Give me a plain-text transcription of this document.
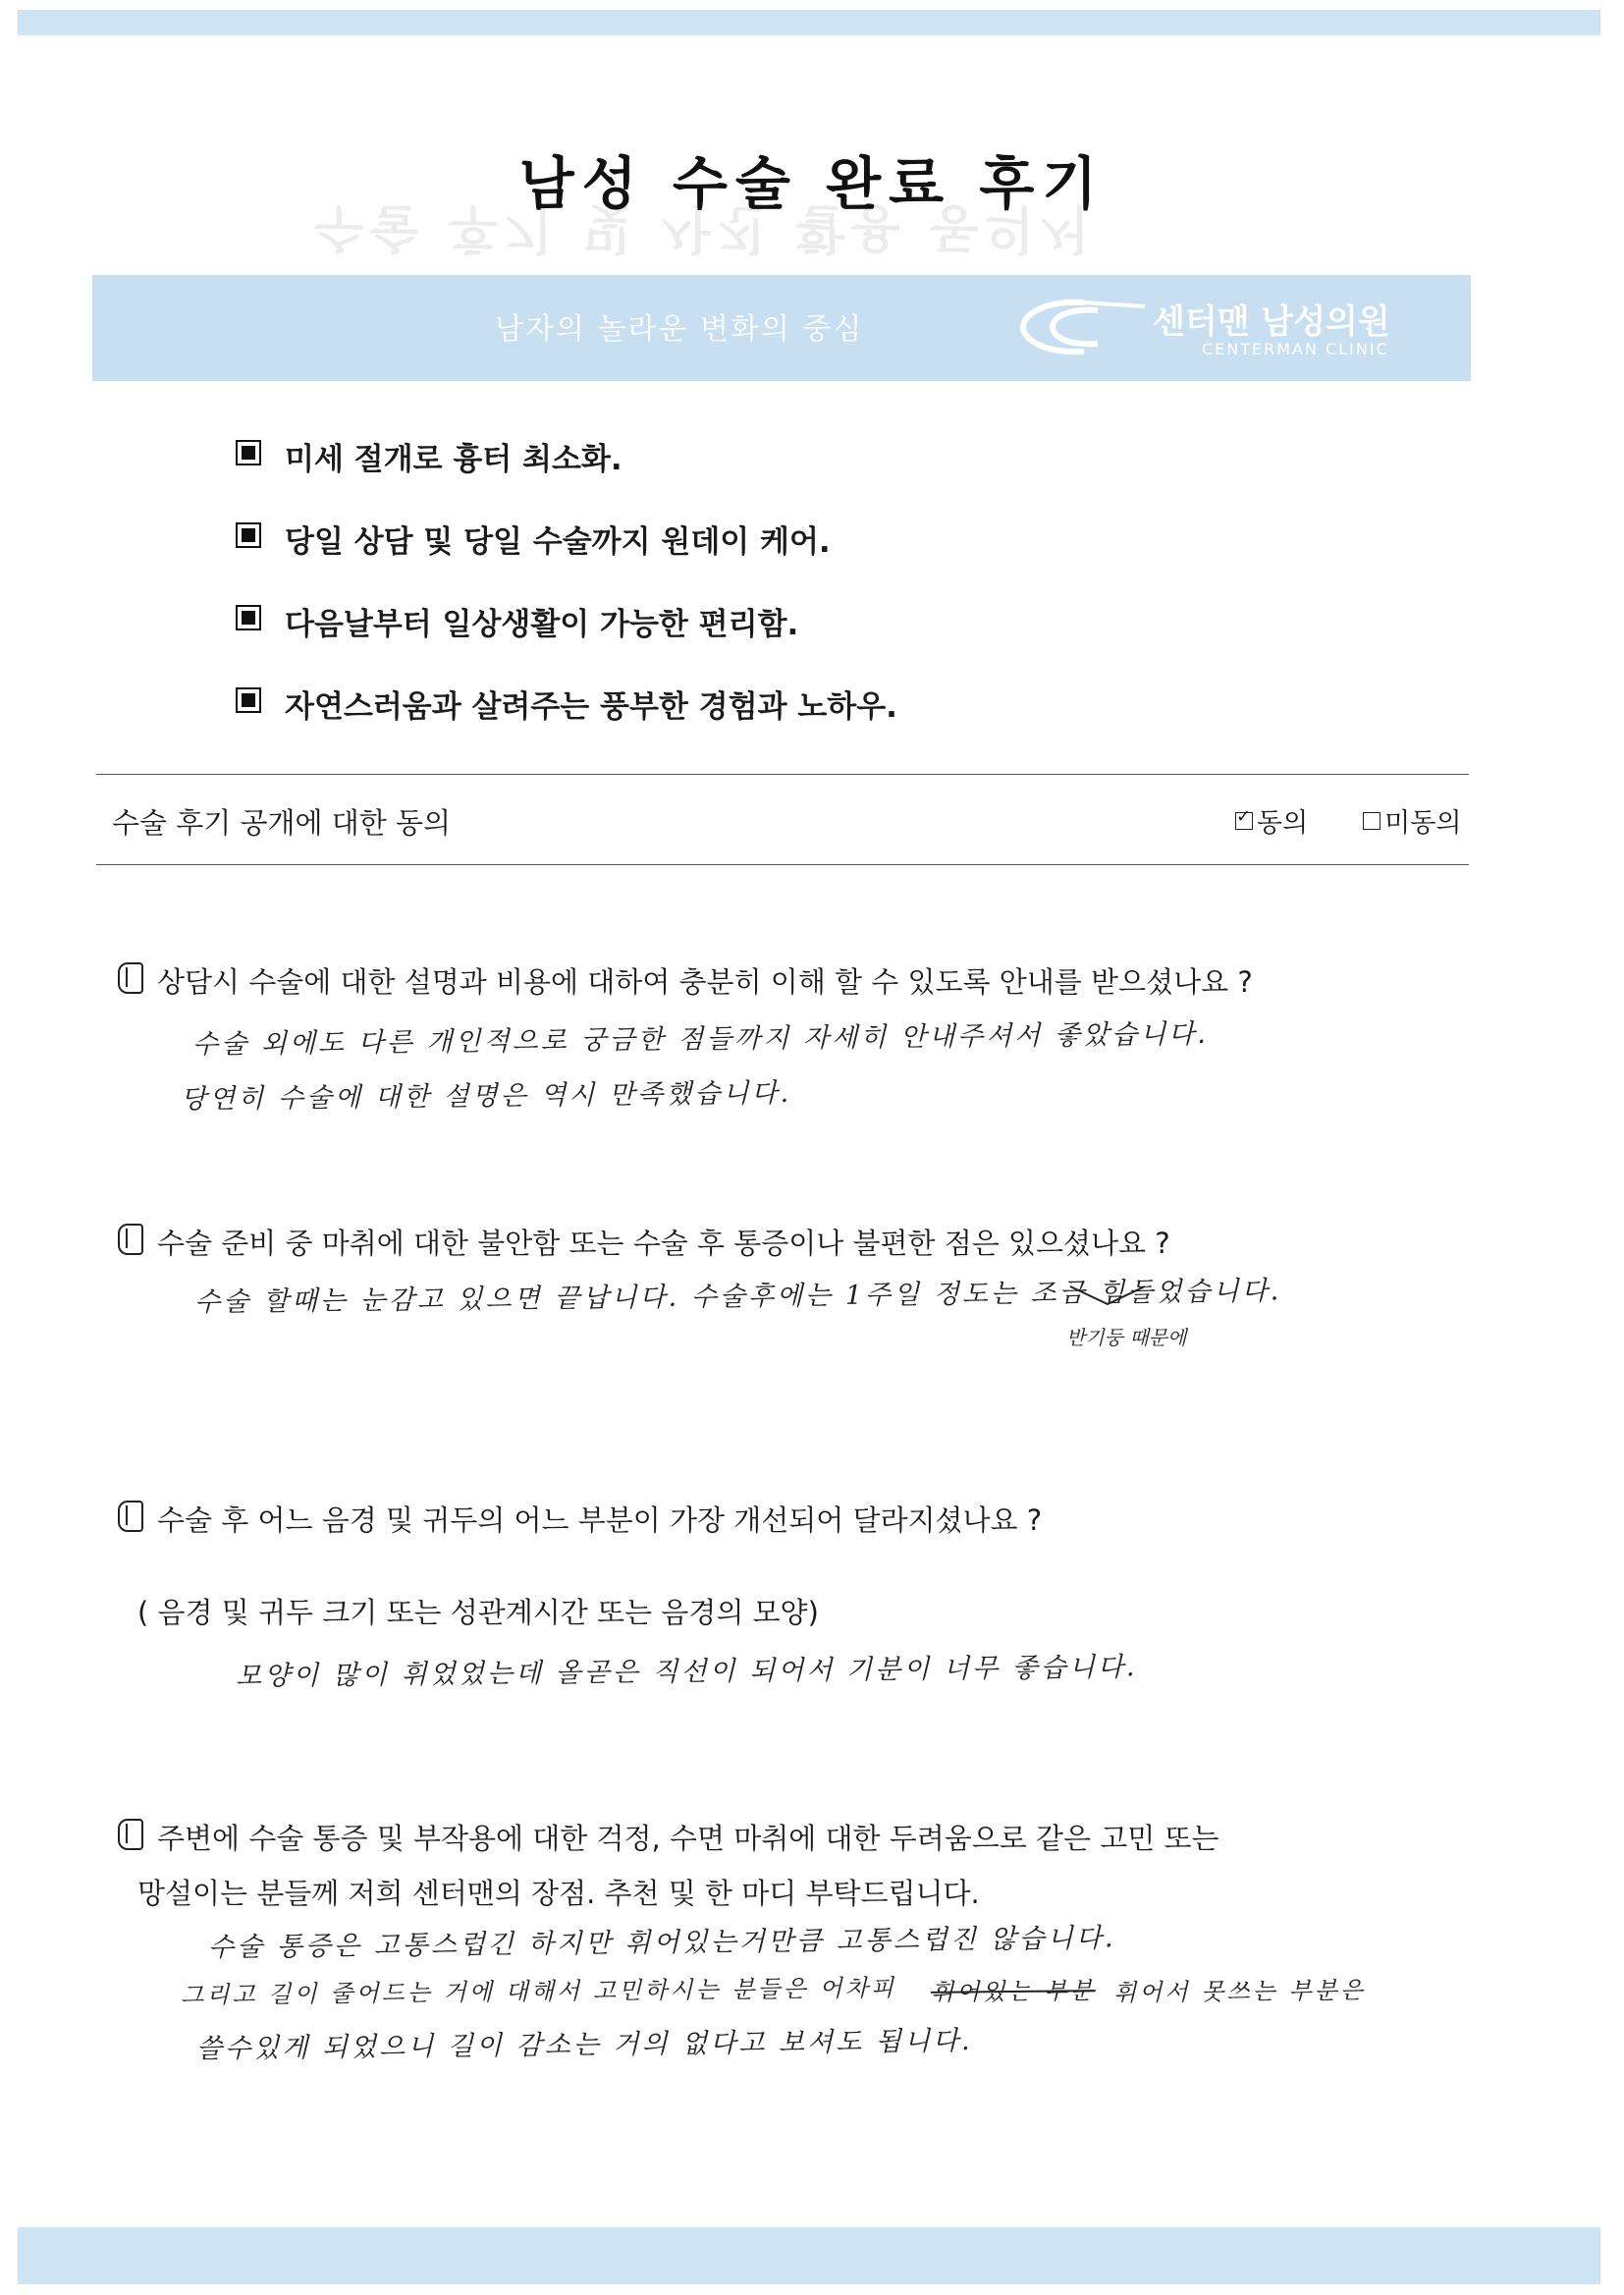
수술 후기 및 사진 활용 동의서
남성 수술 완료 후기
남자의 놀라운 변화의 중심	센터맨 남성의원
CENTERMAN CLINIC
미세 절개로 흉터 최소화.
당일 상담 및 당일 수술까지 원데이 케어.
다음날부터 일상생활이 가능한 편리함.
자연스러움과 살려주는 풍부한 경험과 노하우.
수술 후기 공개에 대한 동의
✓	동의	미동의
상담시 수술에 대한 설명과 비용에 대하여 충분히 이해 할 수 있도록 안내를 받으셨나요 ?
수술 외에도 다른 개인적으로 궁금한 점들까지 자세히 안내주셔서 좋았습니다.
당연히 수술에 대한 설명은 역시 만족했습니다.
수술 준비 중 마취에 대한 불안함 또는 수술 후 통증이나 불편한 점은 있으셨나요 ?
수술 할때는 눈감고 있으면 끝납니다. 수술후에는 1주일 정도는 조금 힘들었습니다.
반기둥 때문에
수술 후 어느 음경 및 귀두의 어느 부분이 가장 개선되어 달라지셨나요 ?
( 음경 및 귀두 크기 또는 성관계시간 또는 음경의 모양)
모양이 많이 휘었었는데 올곧은 직선이 되어서 기분이 너무 좋습니다.
주변에 수술 통증 및 부작용에 대한 걱정, 수면 마취에 대한 두려움으로 같은 고민 또는
망설이는 분들께 저희 센터맨의 장점. 추천 및 한 마디 부탁드립니다.
수술 통증은 고통스럽긴 하지만 휘어있는거만큼 고통스럽진 않습니다.
그리고 길이 줄어드는 거에 대해서 고민하시는 분들은 어차피 휘어있는 부분 휘어서 못쓰는 부분은
쓸수있게 되었으니 길이 감소는 거의 없다고 보셔도 됩니다.
